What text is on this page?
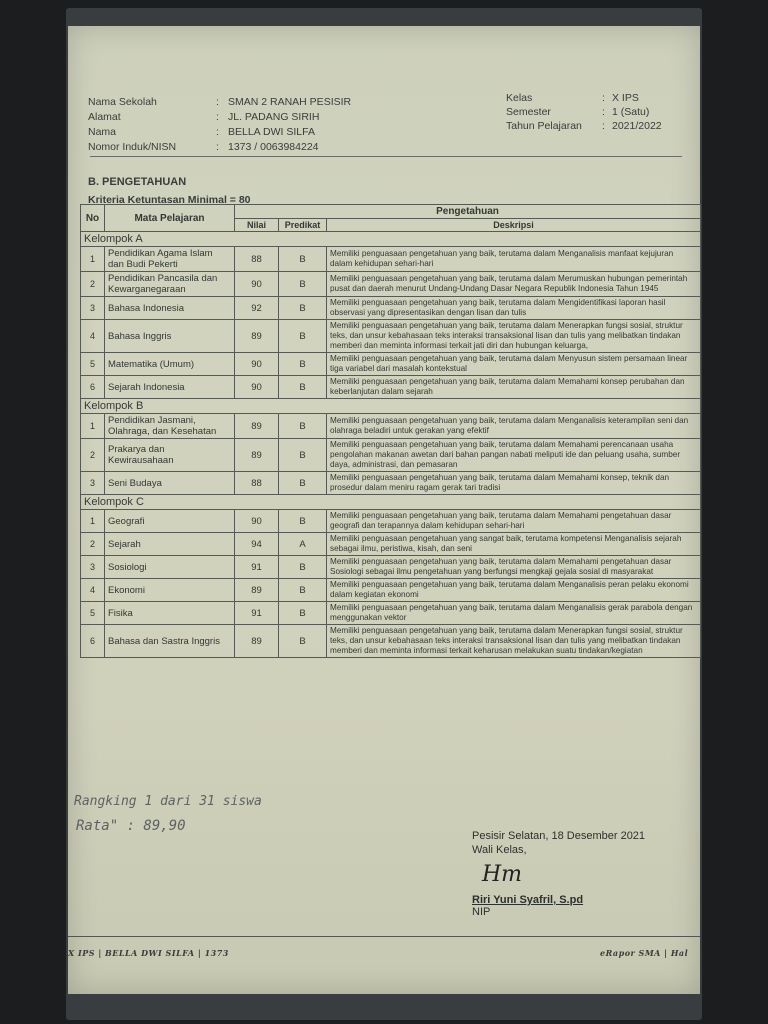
Nama Sekolah	: SMAN 2 RANAH PESISIR
Alamat	: JL. PADANG SIRIH
Nama	: BELLA DWI SILFA
Nomor Induk/NISN	: 1373 / 0063984224
Kelas	: X IPS
Semester	: 1 (Satu)
Tahun Pelajaran	: 2021/2022
B. PENGETAHUAN
Kriteria Ketuntasan Minimal = 80
No	Mata Pelajaran	Pengetahuan		
		Nilai	Predikat	Deskripsi
Kelompok A				
1	Pendidikan Agama Islam dan Budi Pekerti	88	B	Memiliki penguasaan pengetahuan yang baik, terutama dalam Menganalisis manfaat kejujuran dalam kehidupan sehari-hari
2	Pendidikan Pancasila dan Kewarganegaraan	90	B	Memiliki penguasaan pengetahuan yang baik, terutama dalam Merumuskan hubungan pemerintah pusat dan daerah menurut Undang-Undang Dasar Negara Republik Indonesia Tahun 1945
3	Bahasa Indonesia	92	B	Memiliki penguasaan pengetahuan yang baik, terutama dalam Mengidentifikasi laporan hasil observasi yang dipresentasikan dengan lisan dan tulis
4	Bahasa Inggris	89	B	Memiliki penguasaan pengetahuan yang baik, terutama dalam Menerapkan fungsi sosial, struktur teks, dan unsur kebahasaan teks interaksi transaksional lisan dan tulis yang melibatkan tindakan memberi dan meminta informasi terkait jati diri dan hubungan keluarga,
5	Matematika (Umum)	90	B	Memiliki penguasaan pengetahuan yang baik, terutama dalam Menyusun sistem persamaan linear tiga variabel dari masalah kontekstual
6	Sejarah Indonesia	90	B	Memiliki penguasaan pengetahuan yang baik, terutama dalam Memahami konsep perubahan dan keberlanjutan dalam sejarah
Kelompok B				
1	Pendidikan Jasmani, Olahraga, dan Kesehatan	89	B	Memiliki penguasaan pengetahuan yang baik, terutama dalam Menganalisis keterampilan seni dan olahraga beladiri untuk gerakan yang efektif
2	Prakarya dan Kewirausahaan	89	B	Memiliki penguasaan pengetahuan yang baik, terutama dalam Memahami perencanaan usaha pengolahan makanan awetan dari bahan pangan nabati meliputi ide dan peluang usaha, sumber daya, administrasi, dan pemasaran
3	Seni Budaya	88	B	Memiliki penguasaan pengetahuan yang baik, terutama dalam Memahami konsep, teknik dan prosedur dalam meniru ragam gerak tari tradisi
Kelompok C				
1	Geografi	90	B	Memiliki penguasaan pengetahuan yang baik, terutama dalam Memahami pengetahuan dasar geografi dan terapannya dalam kehidupan sehari-hari
2	Sejarah	94	A	Memiliki penguasaan pengetahuan yang sangat baik, terutama kompetensi Menganalisis sejarah sebagai ilmu, peristiwa, kisah, dan seni
3	Sosiologi	91	B	Memiliki penguasaan pengetahuan yang baik, terutama dalam Memahami pengetahuan dasar Sosiologi sebagai ilmu pengetahuan yang berfungsi mengkaji gejala sosial di masyarakat
4	Ekonomi	89	B	Memiliki penguasaan pengetahuan yang baik, terutama dalam Menganalisis peran pelaku ekonomi dalam kegiatan ekonomi
5	Fisika	91	B	Memiliki penguasaan pengetahuan yang baik, terutama dalam Menganalisis gerak parabola dengan menggunakan vektor
6	Bahasa dan Sastra Inggris	89	B	Memiliki penguasaan pengetahuan yang baik, terutama dalam Menerapkan fungsi sosial, struktur teks, dan unsur kebahasaan teks interaksi transaksional lisan dan tulis yang melibatkan tindakan memberi dan meminta informasi terkait keharusan melakukan suatu tindakan/kegiatan
Rangking 1 dari 31 siswa
Rata" : 89,90
Pesisir Selatan, 18 Desember 2021
Wali Kelas,
Hm
Riri Yuni Syafril, S.pd
NIP
X IPS | BELLA DWI SILFA | 1373	eRapor SMA | Hal
